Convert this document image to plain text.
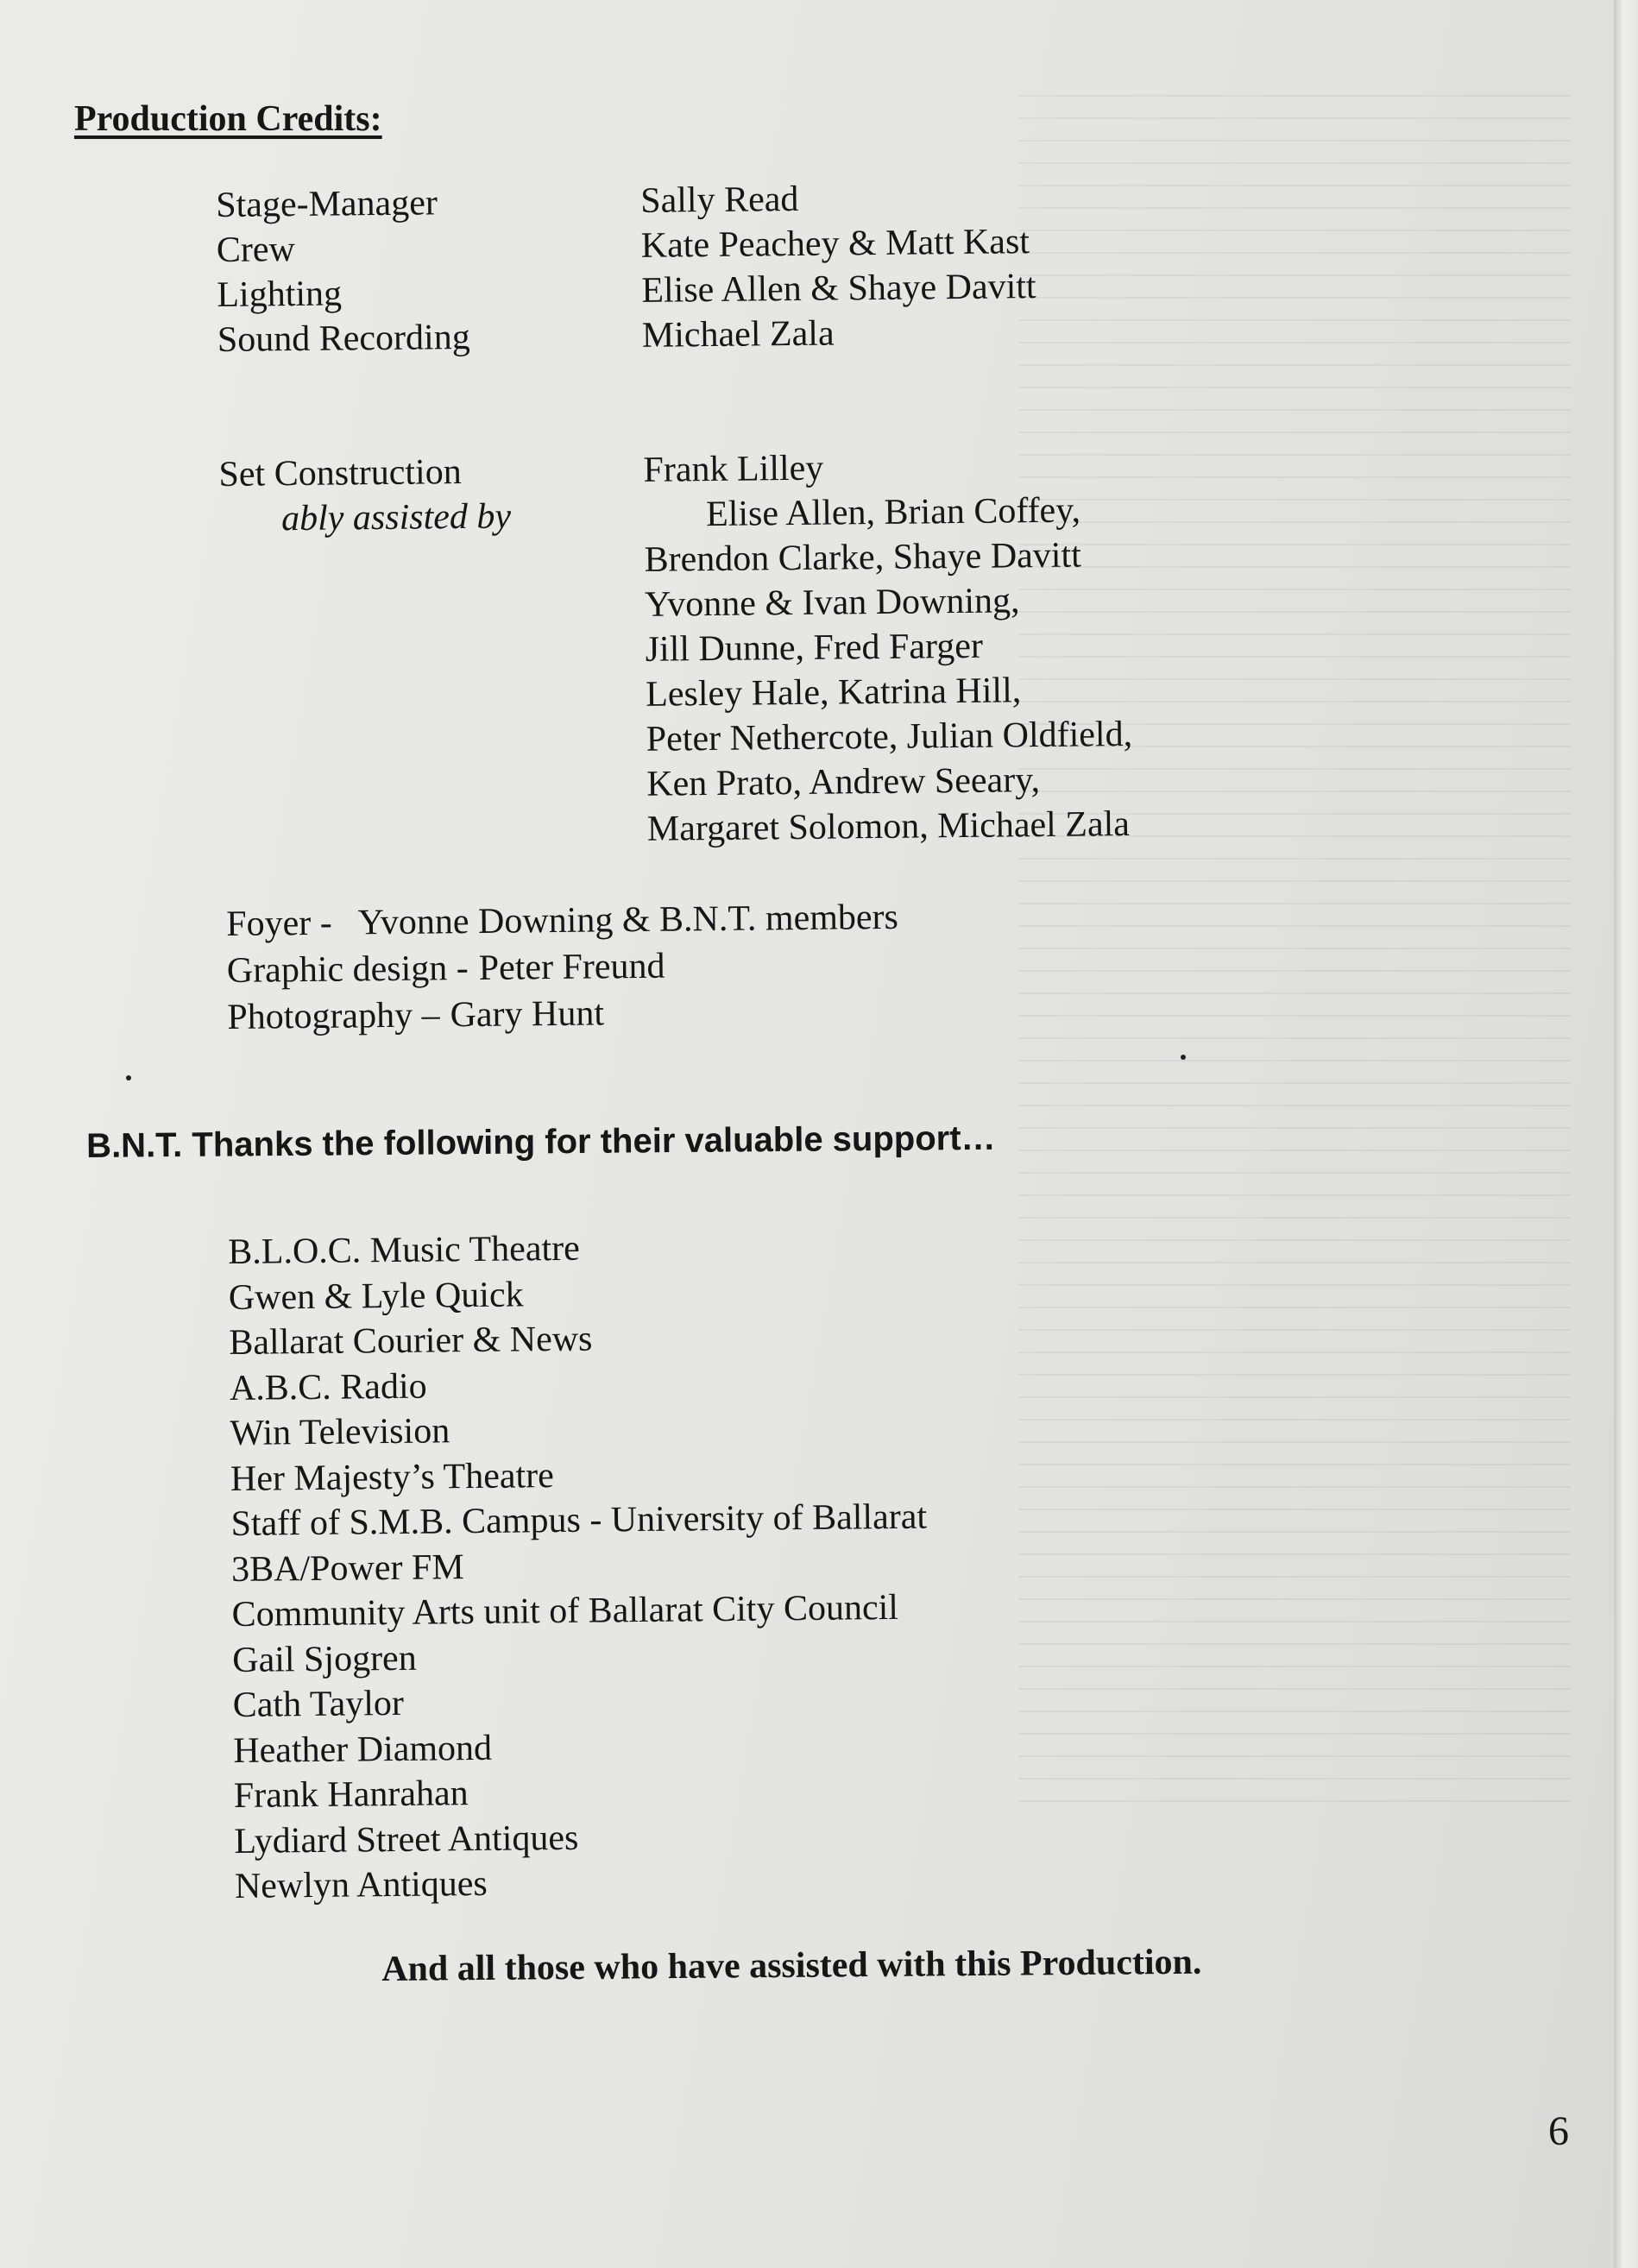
Production Credits:
Stage-Manager	Sally Read
Crew	Kate Peachey & Matt Kast
Lighting	Elise Allen & Shaye Davitt
Sound Recording	Michael Zala
Set Construction	Frank Lilley
ably assisted by	Elise Allen, Brian Coffey,
Brendon Clarke, Shaye Davitt
Yvonne & Ivan Downing,
Jill Dunne, Fred Farger
Lesley Hale, Katrina Hill,
Peter Nethercote, Julian Oldfield,
Ken Prato, Andrew Seeary,
Margaret Solomon, Michael Zala
Foyer - Yvonne Downing & B.N.T. members
Graphic design - Peter Freund
Photography – Gary Hunt
B.N.T. Thanks the following for their valuable support…
B.L.O.C. Music Theatre
Gwen & Lyle Quick
Ballarat Courier & News
A.B.C. Radio
Win Television
Her Majesty’s Theatre
Staff of S.M.B. Campus - University of Ballarat
3BA/Power FM
Community Arts unit of Ballarat City Council
Gail Sjogren
Cath Taylor
Heather Diamond
Frank Hanrahan
Lydiard Street Antiques
Newlyn Antiques
And all those who have assisted with this Production.
6
